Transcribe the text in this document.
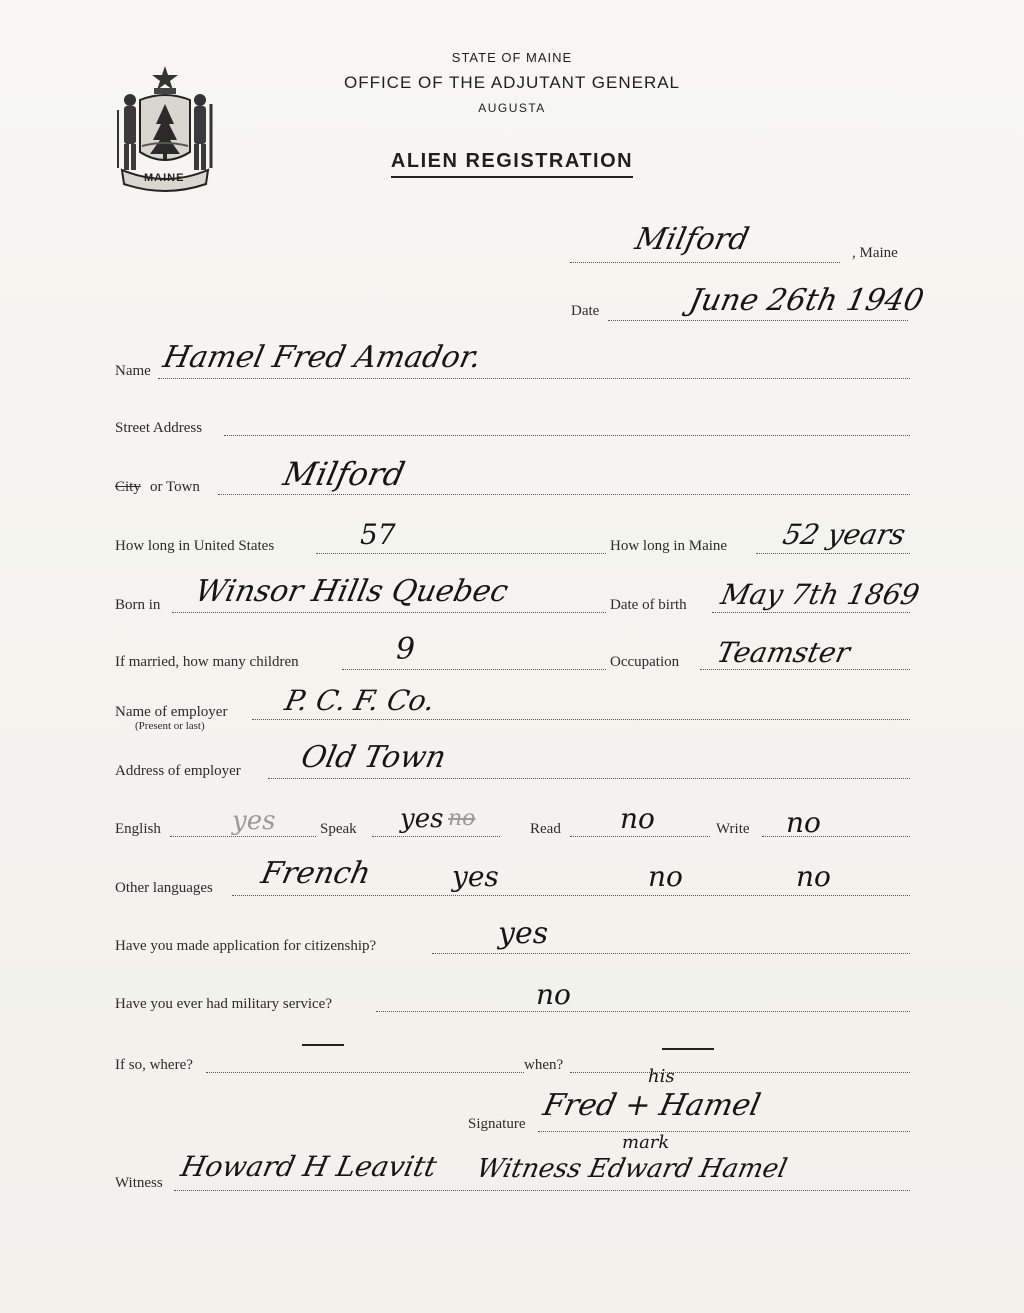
STATE OF MAINE
OFFICE OF THE ADJUTANT GENERAL
AUGUSTA
ALIEN REGISTRATION
MAINE
Milford	, Maine
Date	June 26th 1940
Name Hamel Fred Amador.
Street Address
City or Town	Milford
How long in United States	57	How long in Maine 52 years
Born in Winsor Hills Quebec	Date of birth May 7th 1869
If married, how many children	9	Occupation Teamster
Name of employer
(Present or last)
P. C. F. Co.
Address of employer Old Town
English	yes	Speak yes no	Read no	Write no
Other languages French	yes	no	no
Have you made application for citizenship?	yes
Have you ever had military service?	no
If so, where?	when?
his
Signature
Fred + Hamel
mark
Witness Howard H Leavitt Witness Edward Hamel
